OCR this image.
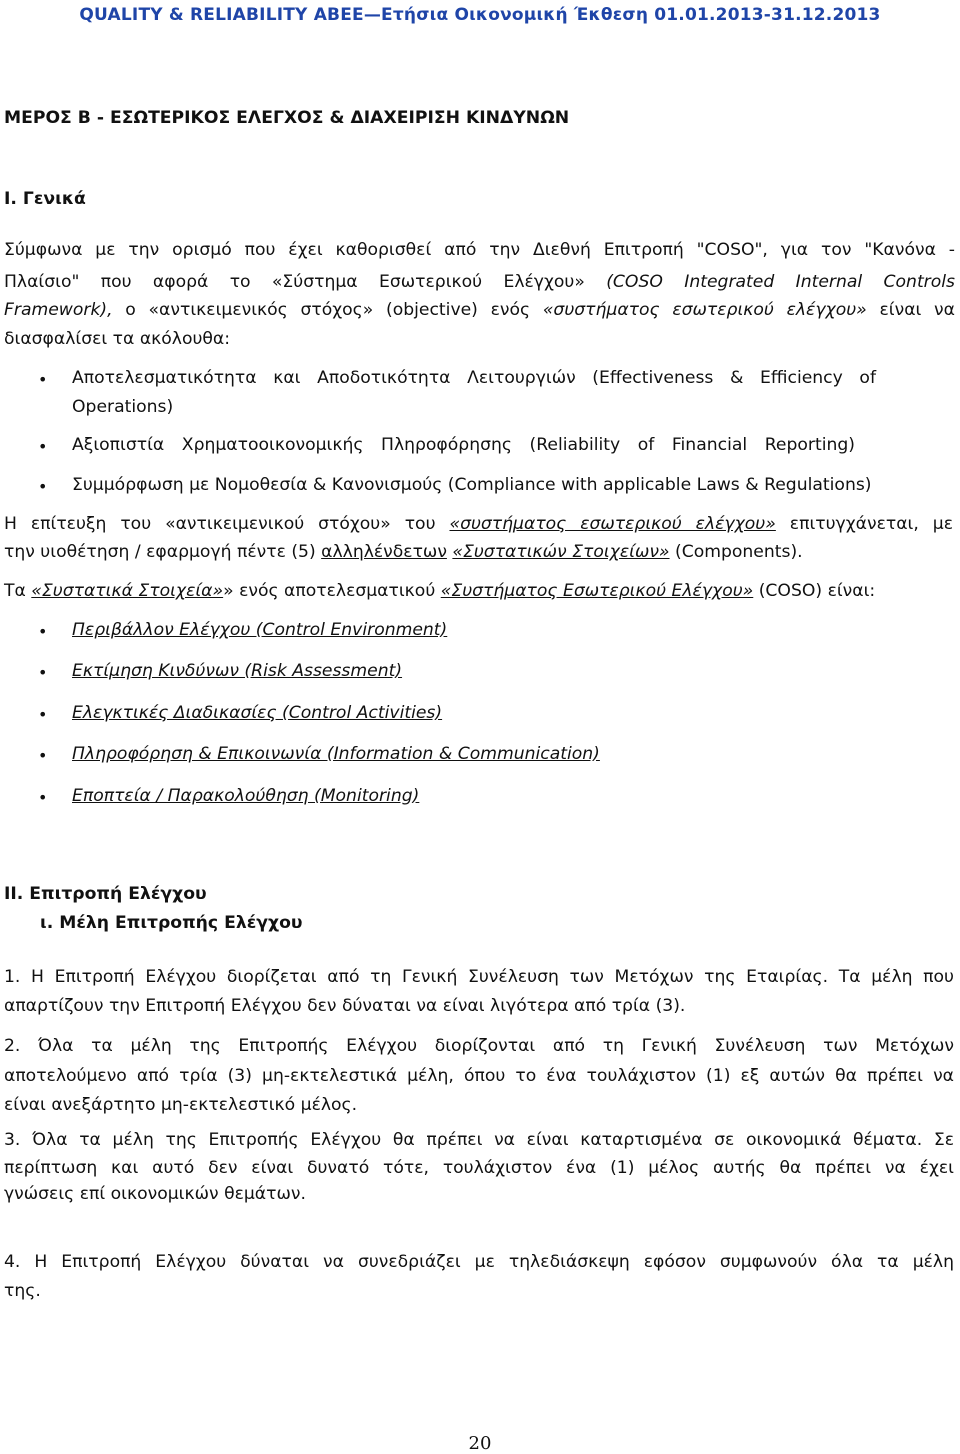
QUALITY & RELIABILITY ABEE—Ετήσια Οικονομική Έκθεση 01.01.2013-31.12.2013
ΜΕΡΟΣ Β - ΕΣΩΤΕΡΙΚΟΣ ΕΛΕΓΧΟΣ & ΔΙΑΧΕΙΡΙΣΗ ΚΙΝΔΥΝΩΝ
I. Γενικά
Σύμφωνα με την ορισμό που έχει καθορισθεί από την Διεθνή Επιτροπή "COSO", για τον "Κανόνα -
Πλαίσιο" που αφορά το «Σύστημα Εσωτερικού Ελέγχου» (COSO Integrated Internal Controls
Framework), ο «αντικειμενικός στόχος» (objective) ενός «συστήματος εσωτερικού ελέγχου» είναι να
διασφαλίσει τα ακόλουθα:
• Αποτελεσματικότητα και Αποδοτικότητα Λειτουργιών (Effectiveness & Efficiency of
Operations)
• Αξιοπιστία Χρηματοοικονομικής Πληροφόρησης (Reliability of Financial Reporting)
• Συμμόρφωση με Νομοθεσία & Κανονισμούς (Compliance with applicable Laws & Regulations)
Η επίτευξη του «αντικειμενικού στόχου» του «συστήματος εσωτερικού ελέγχου» επιτυγχάνεται, με
την υιοθέτηση / εφαρμογή πέντε (5) αλληλένδετων «Συστατικών Στοιχείων» (Components).
Τα «Συστατικά Στοιχεία»» ενός αποτελεσματικού «Συστήματος Εσωτερικού Ελέγχου» (COSO) είναι:
• Περιβάλλον Ελέγχου (Control Environment)
• Εκτίμηση Κινδύνων (Risk Assessment)
• Ελεγκτικές Διαδικασίες (Control Activities)
• Πληροφόρηση & Επικοινωνία (Information & Communication)
• Εποπτεία / Παρακολούθηση (Monitoring)
II. Επιτροπή Ελέγχου
ι. Μέλη Επιτροπής Ελέγχου
1. Η Επιτροπή Ελέγχου διορίζεται από τη Γενική Συνέλευση των Μετόχων της Εταιρίας. Τα μέλη που
απαρτίζουν την Επιτροπή Ελέγχου δεν δύναται να είναι λιγότερα από τρία (3).
2. Όλα τα μέλη της Επιτροπής Ελέγχου διορίζονται από τη Γενική Συνέλευση των Μετόχων
αποτελούμενο από τρία (3) μη-εκτελεστικά μέλη, όπου το ένα τουλάχιστον (1) εξ αυτών θα πρέπει να
είναι ανεξάρτητο μη-εκτελεστικό μέλος.
3. Όλα τα μέλη της Επιτροπής Ελέγχου θα πρέπει να είναι καταρτισμένα σε οικονομικά θέματα. Σε
περίπτωση και αυτό δεν είναι δυνατό τότε, τουλάχιστον ένα (1) μέλος αυτής θα πρέπει να έχει
γνώσεις επί οικονομικών θεμάτων.
4. Η Επιτροπή Ελέγχου δύναται να συνεδριάζει με τηλεδιάσκεψη εφόσον συμφωνούν όλα τα μέλη
της.
20
